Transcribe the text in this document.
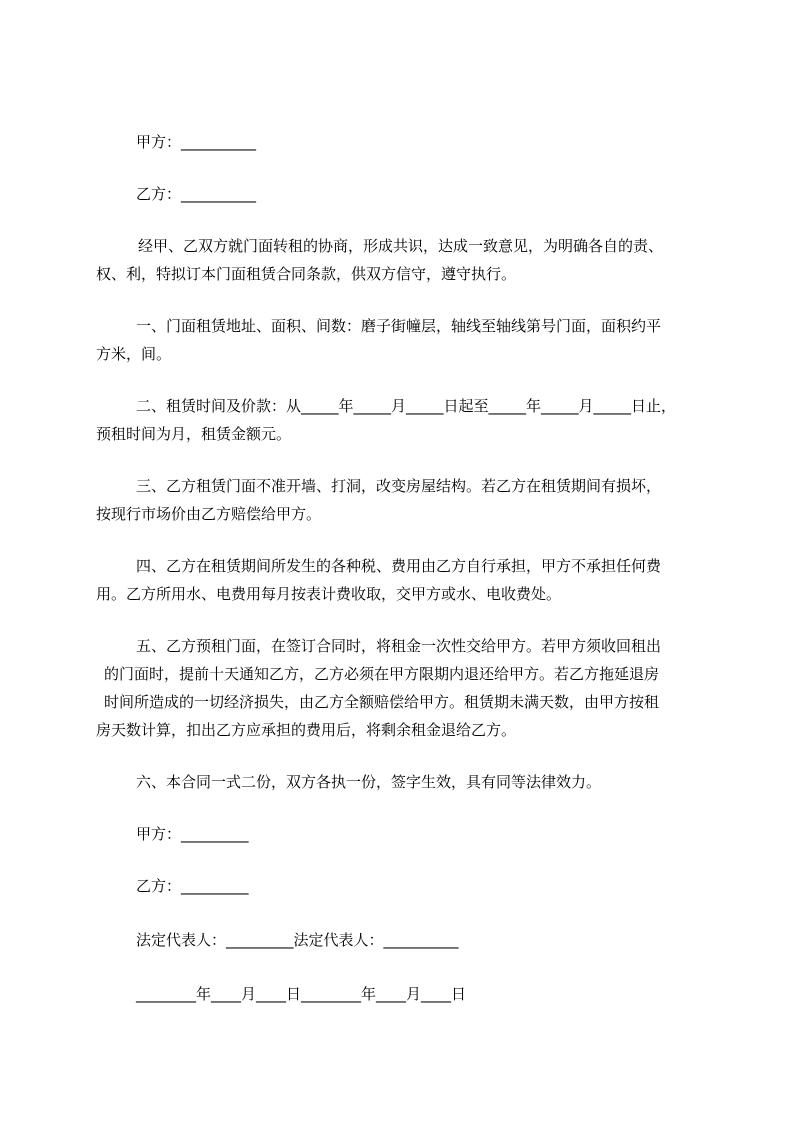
甲方：__________

乙方：__________

经甲、乙双方就门面转租的协商，形成共识，达成一致意见，为明确各自的责、
权、利，特拟订本门面租赁合同条款，供双方信守，遵守执行。
一、门面租赁地址、面积、间数：磨子街幢层，轴线至轴线第号门面，面积约平
方米，间。
二、租赁时间及价款：从_____年_____月_____日起至_____年_____月_____日止，
预租时间为月，租赁金额元。
三、乙方租赁门面不准开墙、打洞，改变房屋结构。若乙方在租赁期间有损坏，
按现行市场价由乙方赔偿给甲方。
四、乙方在租赁期间所发生的各种税、费用由乙方自行承担，甲方不承担任何费
用。乙方所用水、电费用每月按表计费收取，交甲方或水、电收费处。
五、乙方预租门面，在签订合同时，将租金一次性交给甲方。若甲方须收回租出
的门面时，提前十天通知乙方，乙方必须在甲方限期内退还给甲方。若乙方拖延退房
时间所造成的一切经济损失，由乙方全额赔偿给甲方。租赁期未满天数，由甲方按租
房天数计算，扣出乙方应承担的费用后，将剩余租金退给乙方。

六、本合同一式二份，双方各执一份，签字生效，具有同等法律效力。

甲方：_________

乙方：_________

法定代表人：_________法定代表人：__________

________年____月____日________年____月____日
